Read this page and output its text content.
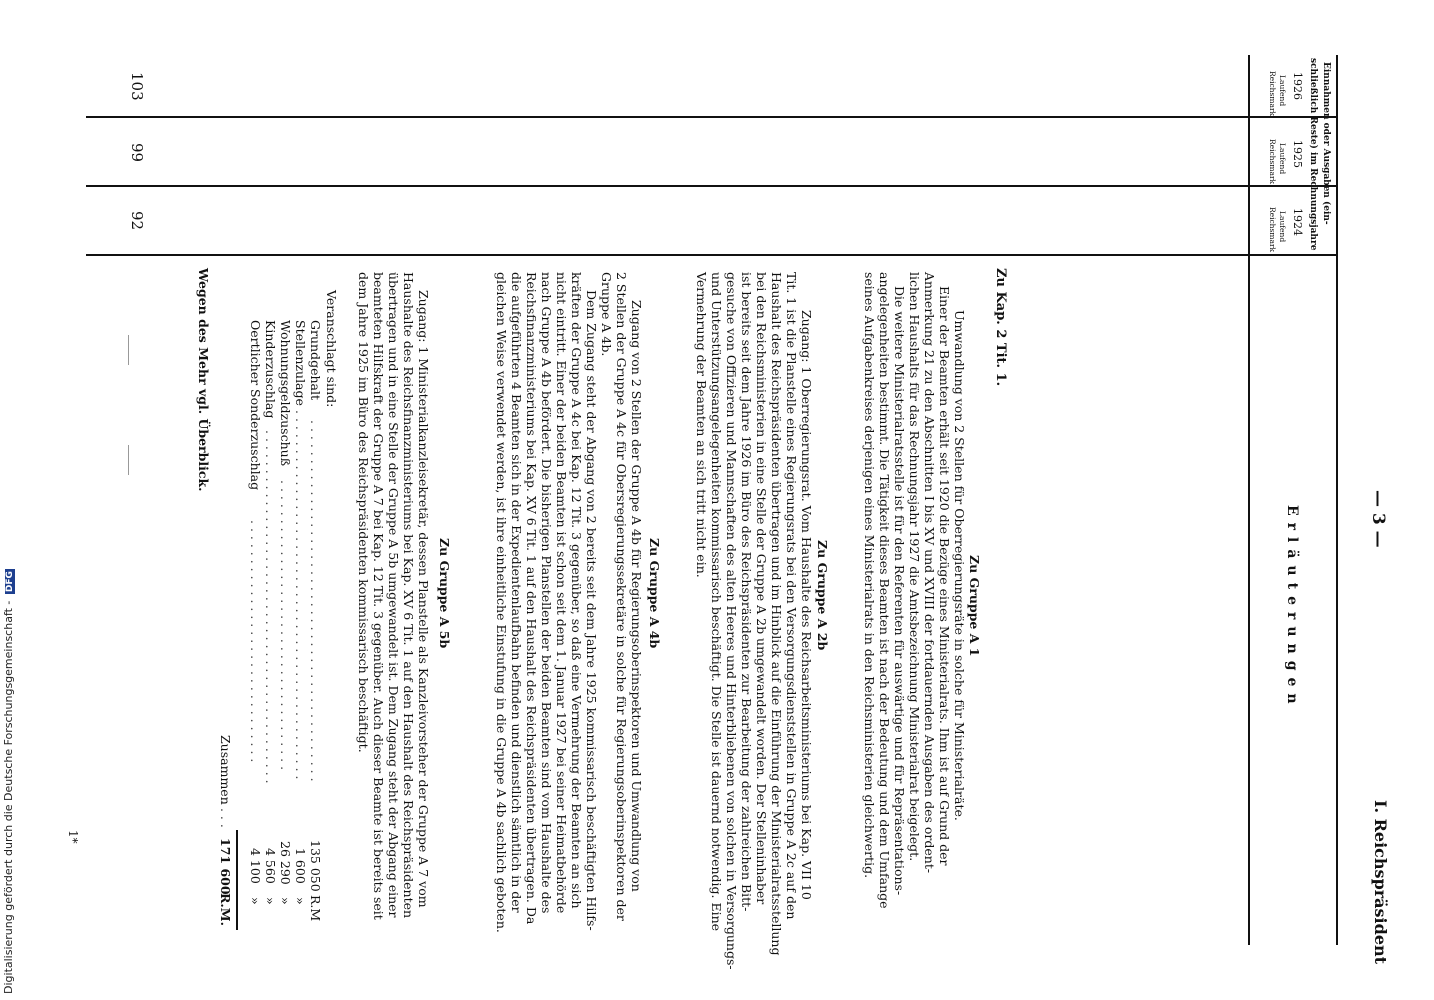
— 3 —
I. Reichspräsident
Erläuterungen
Einnahmen oder Ausgaben (ein-
schließlich Reste) im Rechnungsjahre
1926
1925
1924
Laufend
Reichsmark
Laufend
Reichsmark
Laufend
Reichsmark
103
99
92
Zu Kap. 2 Tit. 1.
Zu Gruppe A 1
Umwandlung von 2 Stellen für Oberregierungsräte in solche für Ministerialräte.
Einer der Beamten erhält seit 1920 die Bezüge eines Ministerialrats. Ihm ist auf Grund der
Anmerkung 21 zu den Abschnitten I bis XV und XVIII der fortdauernden Ausgaben des ordent-
lichen Haushalts für das Rechnungsjahr 1927 die Amtsbezeichnung Ministerialrat beigelegt.
Die weitere Ministerialratsstelle ist für den Referenten für auswärtige und für Repräsentations-
angelegenheiten bestimmt. Die Tätigkeit dieses Beamten ist nach der Bedeutung und dem Umfange
seines Aufgabenkreises derjenigen eines Ministerialrats in den Reichsministerien gleichwertig.
Zu Gruppe A 2b
Zugang: 1 Oberregierungsrat. Vom Haushalte des Reichsarbeitsministeriums bei Kap. VII 10
Tit. 1 ist die Planstelle eines Regierungsrats bei den Versorgungsdienststellen in Gruppe A 2c auf den
Haushalt des Reichspräsidenten übertragen und im Hinblick auf die Einführung der Ministerialratsstellung
bei den Reichsministerien in eine Stelle der Gruppe A 2b umgewandelt worden. Der Stelleninhaber
ist bereits seit dem Jahre 1926 im Büro des Reichspräsidenten zur Bearbeitung der zahlreichen Bitt-
gesuche von Offizieren und Mannschaften des alten Heeres und Hinterbliebenen von solchen in Versorgungs-
und Unterstützungsangelegenheiten kommissarisch beschäftigt. Die Stelle ist dauernd notwendig. Eine
Vermehrung der Beamten an sich tritt nicht ein.
Zu Gruppe A 4b
Zugang von 2 Stellen der Gruppe A 4b für Regierungsoberinspektoren und Umwandlung von
2 Stellen der Gruppe A 4c für Obersregierungssekretäre in solche für Regierungsoberinspektoren der
Gruppe A 4b.
Dem Zugang steht der Abgang von 2 bereits seit dem Jahre 1925 kommissarisch beschäftigten Hilfs-
kräften der Gruppe A 4c bei Kap. 12 Tit. 3 gegenüber, so daß eine Vermehrung der Beamten an sich
nicht eintritt. Einer der beiden Beamten ist schon seit dem 1. Januar 1927 bei seiner Heimatbehörde
nach Gruppe A 4b befördert. Die bisherigen Planstellen der beiden Beamten sind vom Haushalte des
Reichsfinanzministeriums bei Kap. XV 6 Tit. 1 auf den Haushalt des Reichspräsidenten übertragen. Da
die aufgeführten 4 Beamten sich in der Expedientenlaufbahn befinden und dienstlich sämtlich in der
gleichen Weise verwendet werden, ist ihre einheitliche Einstufung in die Gruppe A 4b sachlich geboten.
Zu Gruppe A 5b
Zugang: 1 Ministerialkanzleisekretär, dessen Planstelle als Kanzleivorsteher der Gruppe A 7 vom
Haushalte des Reichsfinanzministeriums bei Kap. XV 6 Tit. 1 auf den Haushalt des Reichspräsidenten
übertragen und in eine Stelle der Gruppe A 5b umgewandelt ist. Dem Zugang steht der Abgang einer
beamteten Hilfskraft der Gruppe A 7 bei Kap. 12 Tit. 3 gegenüber. Auch dieser Beamte ist bereits seit
dem Jahre 1925 im Büro des Reichspräsidenten kommissarisch beschäftigt.
Veranschlagt sind:
Grundgehalt
. . . . . . . . . . . . . . . . . . . . . . . . . . . . . . . . . . . . . . . . . . . . . .
135 050
R.M
Stellenzulage
. . . . . . . . . . . . . . . . . . . . . . . . . . . . . . . . . . . . . . . . . . . . . . .
1 600
»
Wohnungsgeldzuschuß
. . . . . . . . . . . . . . . . . . . . . . . . . . . . . . . . . . . . .
26 290
»
Kinderzuschlag
. . . . . . . . . . . . . . . . . . . . . . . . . . . . . . . . . . . . . . . . . . . . .
4 560
»
Oertlicher Sonderzuschlag
. . . . . . . . . . . . . . . . . . . . . . . . . . . . . . .
4 100
»
Zusammen
. . . .
171 600
R.M.
Wegen des Mehr vgl. Überblick.
1*
Digitalisierung gefördert durch die Deutsche Forschungsgemeinschaft - DFG
